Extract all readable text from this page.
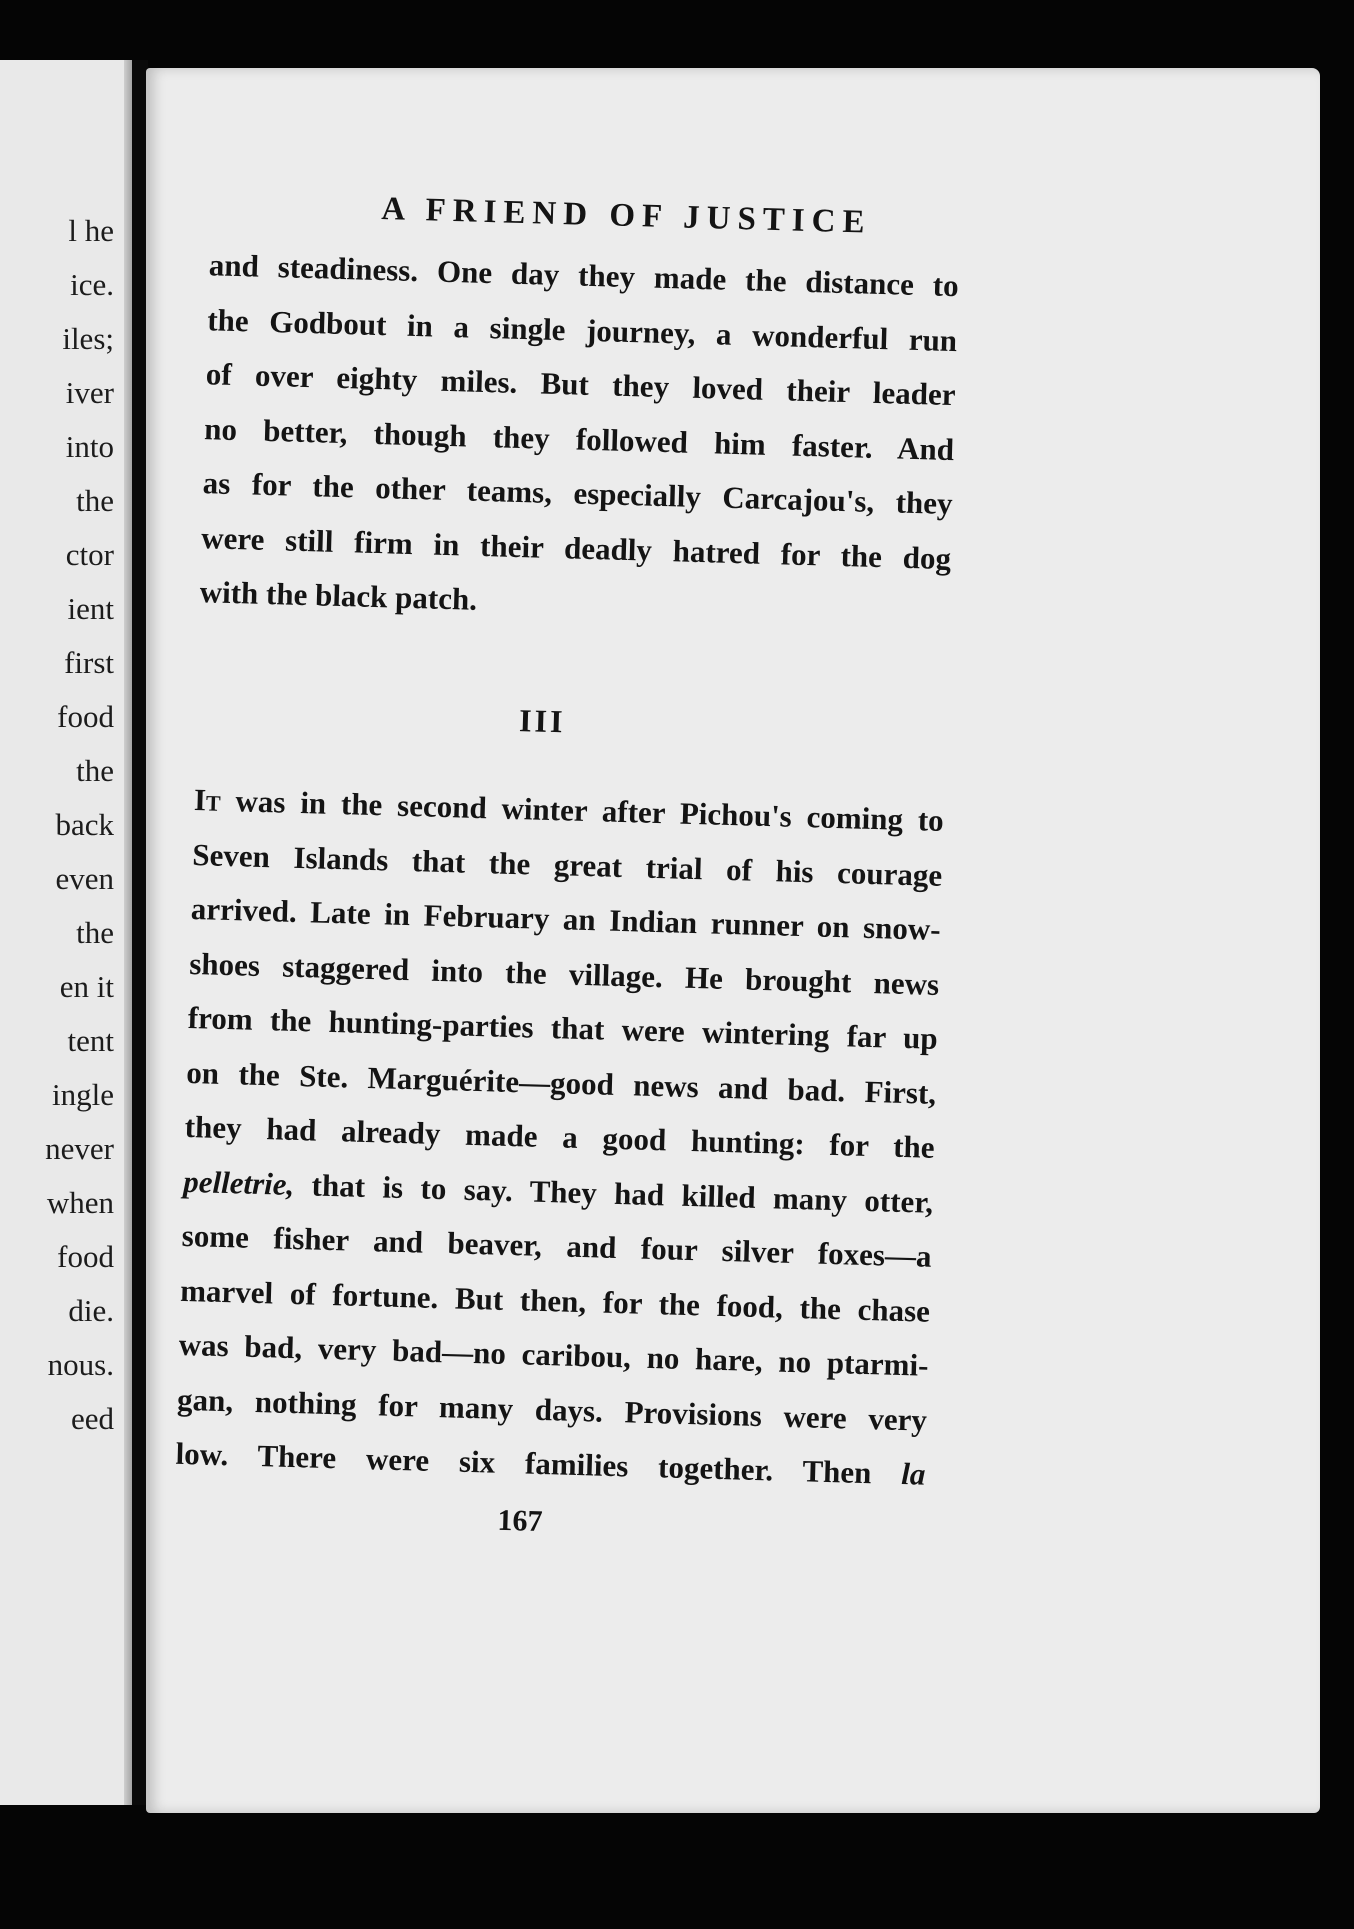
l he
ice.
iles;
iver
into
the
ctor
ient
first
food
the
back
even
the
en it
tent
ingle
never
when
food
die.
nous.
eed
A FRIEND OF JUSTICE
and steadiness. One day they made the distance to
the Godbout in a single journey, a wonderful run
of over eighty miles. But they loved their leader
no better, though they followed him faster. And
as for the other teams, especially Carcajou's, they
were still firm in their deadly hatred for the dog
with the black patch.
III
It was in the second winter after Pichou's coming to
Seven Islands that the great trial of his courage
arrived. Late in February an Indian runner on snow-
shoes staggered into the village. He brought news
from the hunting-parties that were wintering far up
on the Ste. Marguérite—good news and bad. First,
they had already made a good hunting: for the
pelletrie, that is to say. They had killed many otter,
some fisher and beaver, and four silver foxes—a
marvel of fortune. But then, for the food, the chase
was bad, very bad—no caribou, no hare, no ptarmi-
gan, nothing for many days. Provisions were very
low. There were six families together. Then la
167
